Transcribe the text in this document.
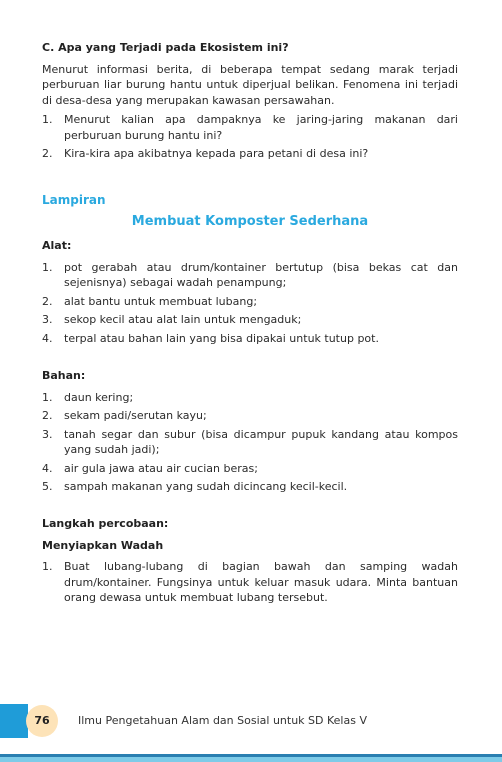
C. Apa yang Terjadi pada Ekosistem ini?

Menurut informasi berita, di beberapa tempat sedang marak terjadi perburuan liar burung hantu untuk diperjual belikan. Fenomena ini terjadi di desa-desa yang merupakan kawasan persawahan.

1. Menurut kalian apa dampaknya ke jaring-jaring makanan dari perburuan burung hantu ini?
2. Kira-kira apa akibatnya kepada para petani di desa ini?
Lampiran
Membuat Komposter Sederhana
Alat:
1. pot gerabah atau drum/kontainer bertutup (bisa bekas cat dan sejenisnya) sebagai wadah penampung;
2. alat bantu untuk membuat lubang;
3. sekop kecil atau alat lain untuk mengaduk;
4. terpal atau bahan lain yang bisa dipakai untuk tutup pot.
Bahan:
1. daun kering;
2. sekam padi/serutan kayu;
3. tanah segar dan subur (bisa dicampur pupuk kandang atau kompos yang sudah jadi);
4. air gula jawa atau air cucian beras;
5. sampah makanan yang sudah dicincang kecil-kecil.
Langkah percobaan:
Menyiapkan Wadah
1. Buat lubang-lubang di bagian bawah dan samping wadah drum/kontainer. Fungsinya untuk keluar masuk udara. Minta bantuan orang dewasa untuk membuat lubang tersebut.
76	Ilmu Pengetahuan Alam dan Sosial untuk SD Kelas V
